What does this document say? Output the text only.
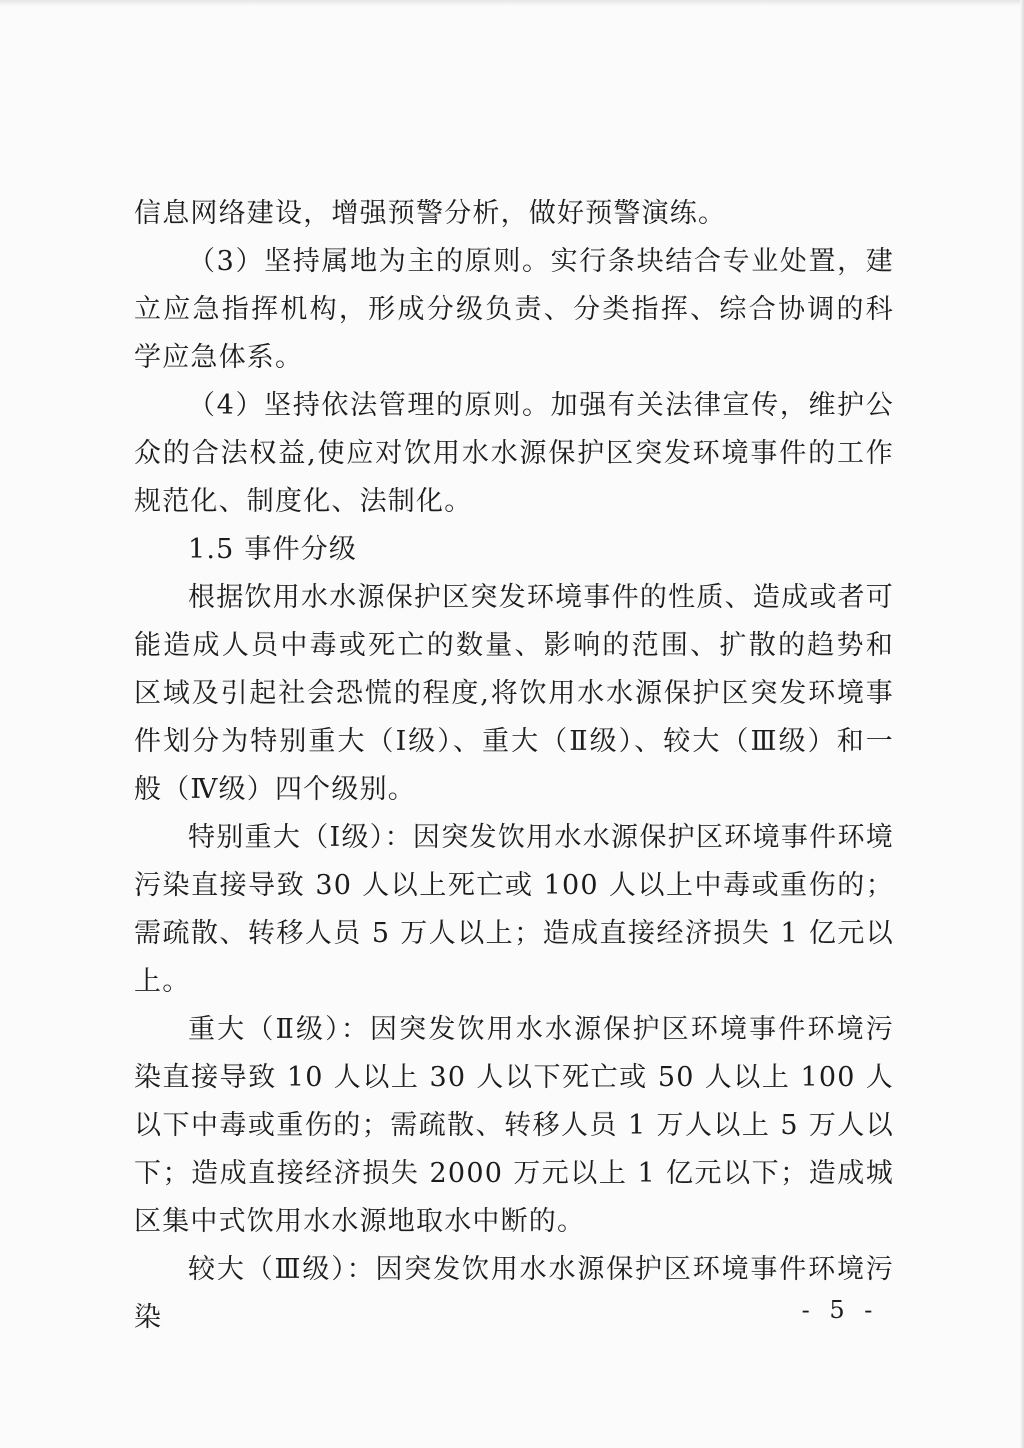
信息网络建设，增强预警分析，做好预警演练。

（3）坚持属地为主的原则。实行条块结合专业处置，建立应急指挥机构，形成分级负责、分类指挥、综合协调的科学应急体系。

（4）坚持依法管理的原则。加强有关法律宣传，维护公众的合法权益,使应对饮用水水源保护区突发环境事件的工作规范化、制度化、法制化。

1.5 事件分级

根据饮用水水源保护区突发环境事件的性质、造成或者可能造成人员中毒或死亡的数量、影响的范围、扩散的趋势和区域及引起社会恐慌的程度,将饮用水水源保护区突发环境事件划分为特别重大（Ⅰ级）、重大（Ⅱ级）、较大（Ⅲ级）和一般（Ⅳ级）四个级别。

特别重大（Ⅰ级）：因突发饮用水水源保护区环境事件环境污染直接导致 30 人以上死亡或 100 人以上中毒或重伤的；需疏散、转移人员 5 万人以上；造成直接经济损失 1 亿元以上。

重大（Ⅱ级）：因突发饮用水水源保护区环境事件环境污染直接导致 10 人以上 30 人以下死亡或 50 人以上 100 人以下中毒或重伤的；需疏散、转移人员 1 万人以上 5 万人以下；造成直接经济损失 2000 万元以上 1 亿元以下；造成城区集中式饮用水水源地取水中断的。

较大（Ⅲ级）：因突发饮用水水源保护区环境事件环境污染	- 5 -
